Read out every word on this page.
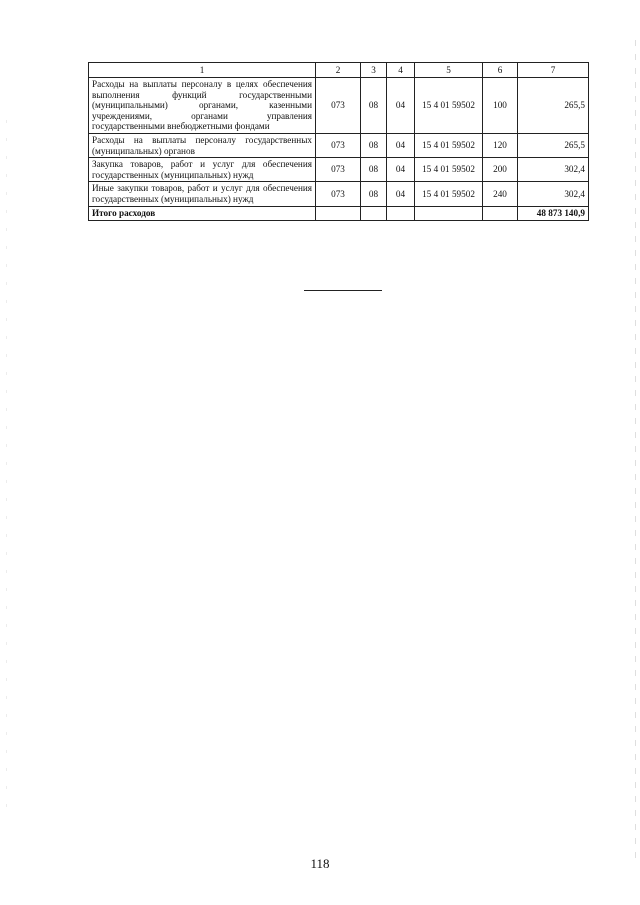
1	2	3	4	5	6	7
Расходы на выплаты персоналу в целях обеспечения выполнения функций государственными (муниципальными) органами, казенными учреждениями, органами управления государственными внебюджетными фондами	073	08	04	15 4 01 59502	100	265,5
Расходы на выплаты персоналу государственных (муниципальных) органов	073	08	04	15 4 01 59502	120	265,5
Закупка товаров, работ и услуг для обеспечения государственных (муниципальных) нужд	073	08	04	15 4 01 59502	200	302,4
Иные закупки товаров, работ и услуг для обеспечения государственных (муниципальных) нужд	073	08	04	15 4 01 59502	240	302,4
Итого расходов						48 873 140,9
118
